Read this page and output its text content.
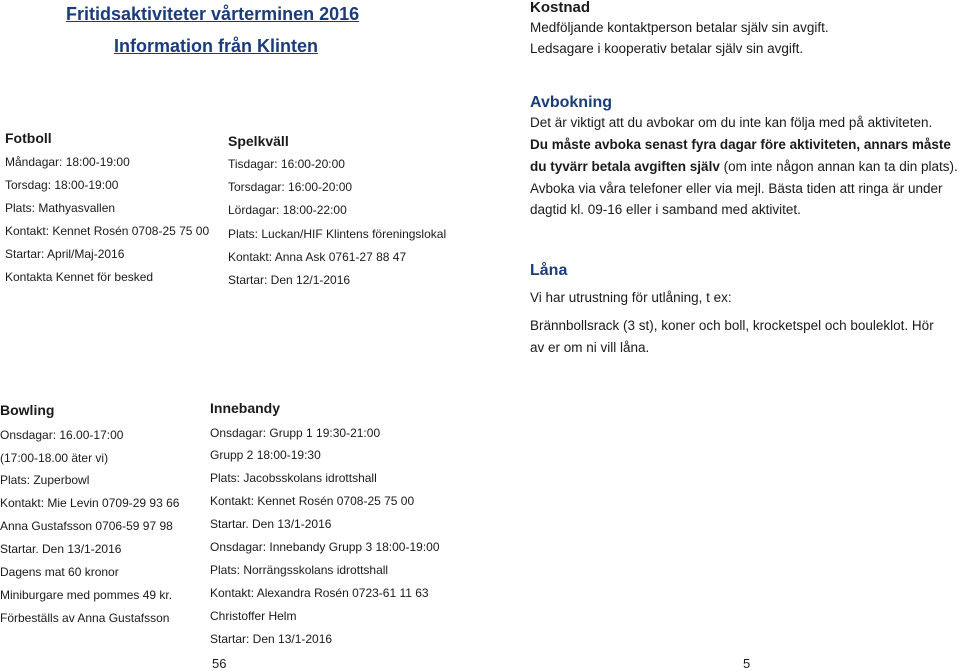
Fritidsaktiviteter vårterminen 2016
Information från Klinten
Fotboll
Måndagar: 18:00-19:00
Torsdag: 18:00-19:00
Plats: Mathyasvallen
Kontakt: Kennet Rosén 0708-25 75 00
Startar: April/Maj-2016
Kontakta Kennet för besked
Spelkväll
Tisdagar: 16:00-20:00
Torsdagar: 16:00-20:00
Lördagar: 18:00-22:00
Plats: Luckan/HIF Klintens föreningslokal
Kontakt: Anna Ask 0761-27 88 47
Startar: Den 12/1-2016
Kostnad
Medföljande kontaktperson betalar själv sin avgift.
Ledsagare i kooperativ betalar själv sin avgift.
Avbokning
Det är viktigt att du avbokar om du inte kan följa med på aktiviteten.
Du måste avboka senast fyra dagar före aktiviteten, annars måste
du tyvärr betala avgiften själv (om inte någon annan kan ta din plats).
Avboka via våra telefoner eller via mejl. Bästa tiden att ringa är under
dagtid kl. 09-16 eller i samband med aktivitet.
Låna
Vi har utrustning för utlåning, t ex:
Brännbollsrack (3 st), koner och boll, krocketspel och bouleklot. Hör
av er om ni vill låna.
Bowling
Onsdagar: 16.00-17:00
(17:00-18.00 äter vi)
Plats: Zuperbowl
Kontakt: Mie Levin 0709-29 93 66
Anna Gustafsson 0706-59 97 98
Startar. Den 13/1-2016
Dagens mat 60 kronor
Miniburgare med pommes 49 kr.
Förbeställs av Anna Gustafsson
Innebandy
Onsdagar: Grupp 1 19:30-21:00
Grupp 2 18:00-19:30
Plats: Jacobsskolans idrottshall
Kontakt: Kennet Rosén 0708-25 75 00
Startar. Den 13/1-2016
Onsdagar: Innebandy Grupp 3 18:00-19:00
Plats: Norrängsskolans idrottshall
Kontakt: Alexandra Rosén 0723-61 11 63
Christoffer Helm
Startar: Den 13/1-2016
56	5
